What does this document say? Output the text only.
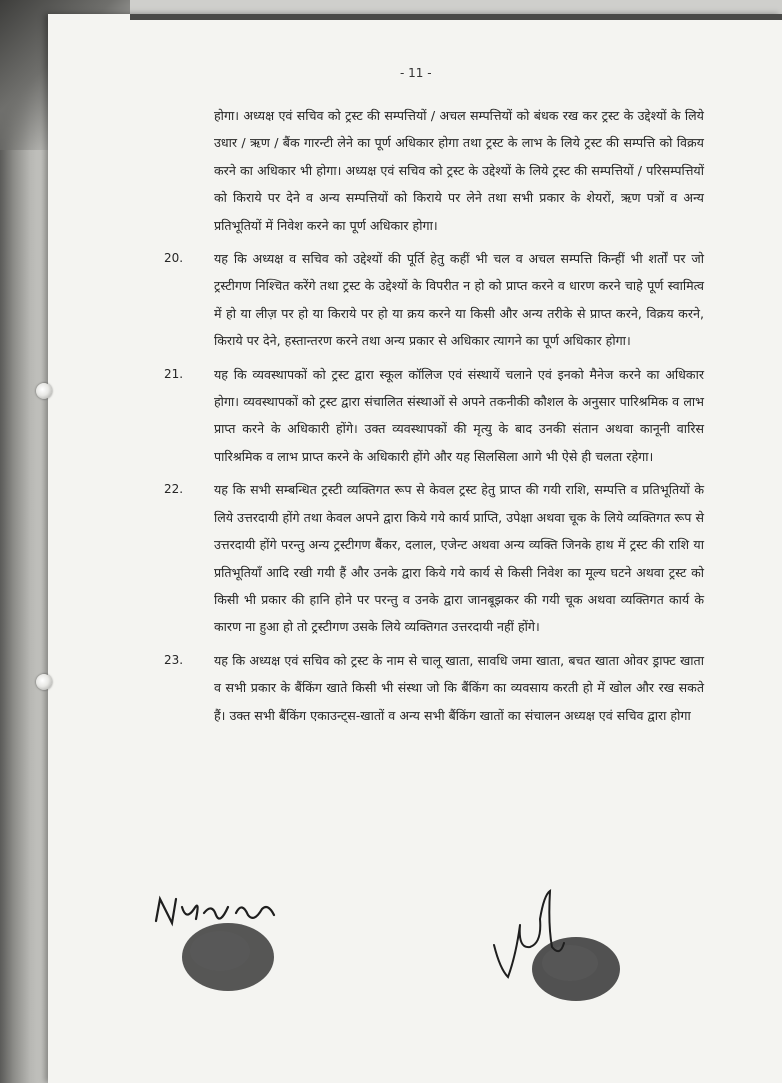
- 11 -

होगा। अध्यक्ष एवं सचिव को ट्रस्ट की सम्पत्तियों / अचल सम्पत्तियों को बंधक रख कर ट्रस्ट के उद्देश्यों के लिये उधार / ऋण / बैंक गारन्टी लेने का पूर्ण अधिकार होगा तथा ट्रस्ट के लाभ के लिये ट्रस्ट की सम्पत्ति को विक्रय करने का अधिकार भी होगा। अध्यक्ष एवं सचिव को ट्रस्ट के उद्देश्यों के लिये ट्रस्ट की सम्पत्तियों / परिसम्पत्तियों को किराये पर देने व अन्य सम्पत्तियों को किराये पर लेने तथा सभी प्रकार के शेयरों, ऋण पत्रों व अन्य प्रतिभूतियों में निवेश करने का पूर्ण अधिकार होगा।

20.	यह कि अध्यक्ष व सचिव को उद्देश्यों की पूर्ति हेतु कहीं भी चल व अचल सम्पत्ति किन्हीं भी शर्तों पर जो ट्रस्टीगण निश्चित करेंगे तथा ट्रस्ट के उद्देश्यों के विपरीत न हो को प्राप्त करने व धारण करने चाहे पूर्ण स्वामित्व में हो या लीज़ पर हो या किराये पर हो या क्रय करने या किसी और अन्य तरीके से प्राप्त करने, विक्रय करने, किराये पर देने, हस्तान्तरण करने तथा अन्य प्रकार से अधिकार त्यागने का पूर्ण अधिकार होगा।

21.	यह कि व्यवस्थापकों को ट्रस्ट द्वारा स्कूल कॉलिज एवं संस्थायें चलाने एवं इनको मैनेज करने का अधिकार होगा। व्यवस्थापकों को ट्रस्ट द्वारा संचालित संस्थाओं से अपने तकनीकी कौशल के अनुसार पारिश्रमिक व लाभ प्राप्त करने के अधिकारी होंगे। उक्त व्यवस्थापकों की मृत्यु के बाद उनकी संतान अथवा कानूनी वारिस पारिश्रमिक व लाभ प्राप्त करने के अधिकारी होंगे और यह सिलसिला आगे भी ऐसे ही चलता रहेगा।

22.	यह कि सभी सम्बन्धित ट्रस्टी व्यक्तिगत रूप से केवल ट्रस्ट हेतु प्राप्त की गयी राशि, सम्पत्ति व प्रतिभूतियों के लिये उत्तरदायी होंगे तथा केवल अपने द्वारा किये गये कार्य प्राप्ति, उपेक्षा अथवा चूक के लिये व्यक्तिगत रूप से उत्तरदायी होंगे परन्तु अन्य ट्रस्टीगण बैंकर, दलाल, एजेन्ट अथवा अन्य व्यक्ति जिनके हाथ में ट्रस्ट की राशि या प्रतिभूतियाँ आदि रखी गयी हैं और उनके द्वारा किये गये कार्य से किसी निवेश का मूल्य घटने अथवा ट्रस्ट को किसी भी प्रकार की हानि होने पर परन्तु व उनके द्वारा जानबूझकर की गयी चूक अथवा व्यक्तिगत कार्य के कारण ना हुआ हो तो ट्रस्टीगण उसके लिये व्यक्तिगत उत्तरदायी नहीं होंगे।

23.	यह कि अध्यक्ष एवं सचिव को ट्रस्ट के नाम से चालू खाता, सावधि जमा खाता, बचत खाता ओवर ड्राफ्ट खाता व सभी प्रकार के बैंकिंग खाते किसी भी संस्था जो कि बैंकिंग का व्यवसाय करती हो में खोल और रख सकते हैं। उक्त सभी बैंकिंग एकाउन्ट्स-खातों व अन्य सभी बैंकिंग खातों का संचालन अध्यक्ष एवं सचिव द्वारा होगा
